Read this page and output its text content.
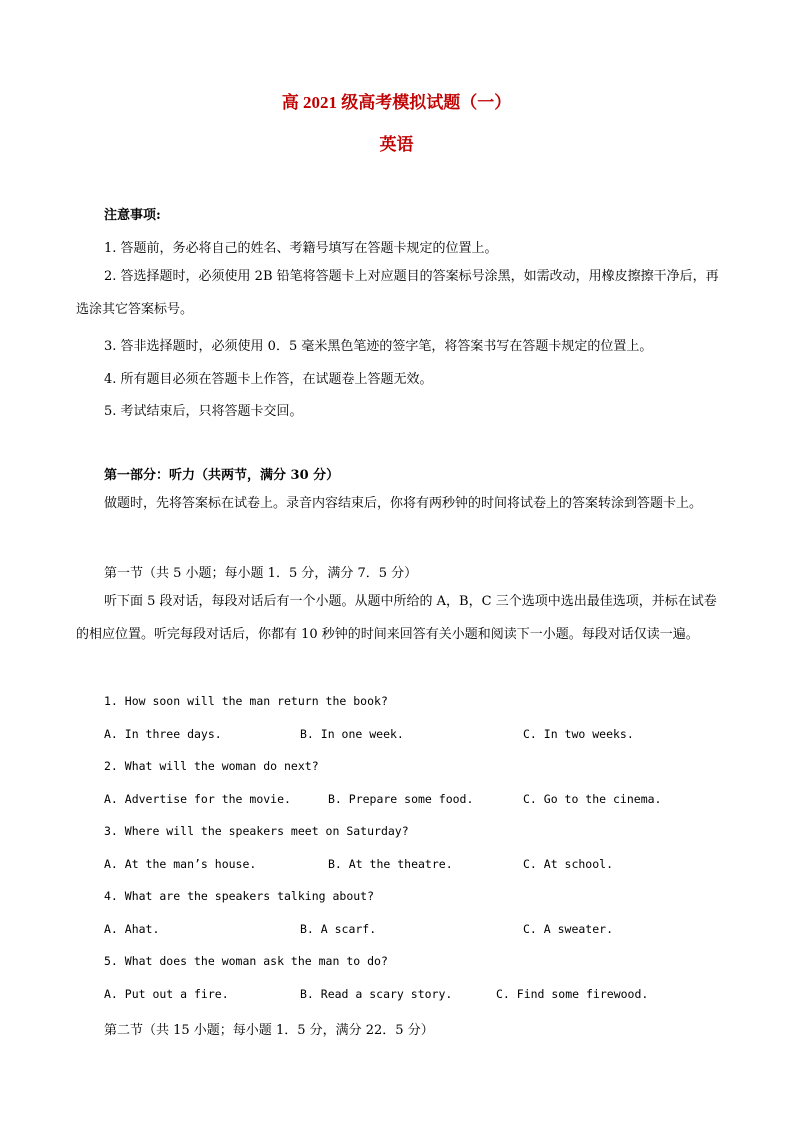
高 2021 级高考模拟试题（一）
英语
注意事项:
1. 答题前，务必将自己的姓名、考籍号填写在答题卡规定的位置上。
2. 答选择题时，必须使用 2B 铅笔将答题卡上对应题目的答案标号涂黑，如需改动，用橡皮擦擦干净后，再选涂其它答案标号。
3. 答非选择题时，必须使用 0．5 毫米黑色笔迹的签字笔，将答案书写在答题卡规定的位置上。
4. 所有题目必须在答题卡上作答，在试题卷上答题无效。
5. 考试结束后，只将答题卡交回。
第一部分：听力（共两节，满分 30 分）
做题时，先将答案标在试卷上。录音内容结束后，你将有两秒钟的时间将试卷上的答案转涂到答题卡上。
第一节（共 5 小题；每小题 1．5 分，满分 7．5 分）
听下面 5 段对话，每段对话后有一个小题。从题中所给的 A，B，C 三个选项中选出最佳选项，并标在试卷的相应位置。听完每段对话后，你都有 10 秒钟的时间来回答有关小题和阅读下一小题。每段对话仅读一遍。
1. How soon will the man return the book?
A. In three days.	B. In one week.	C. In two weeks.
2. What will the woman do next?
A. Advertise for the movie.	B. Prepare some food.	C. Go to the cinema.
3. Where will the speakers meet on Saturday?
A. At the man’s house.	B. At the theatre.	C. At school.
4. What are the speakers talking about?
A. Ahat.	B. A scarf.	C. A sweater.
5. What does the woman ask the man to do?
A. Put out a fire.	B. Read a scary story.	C. Find some firewood.
第二节（共 15 小题；每小题 1．5 分，满分 22．5 分）
